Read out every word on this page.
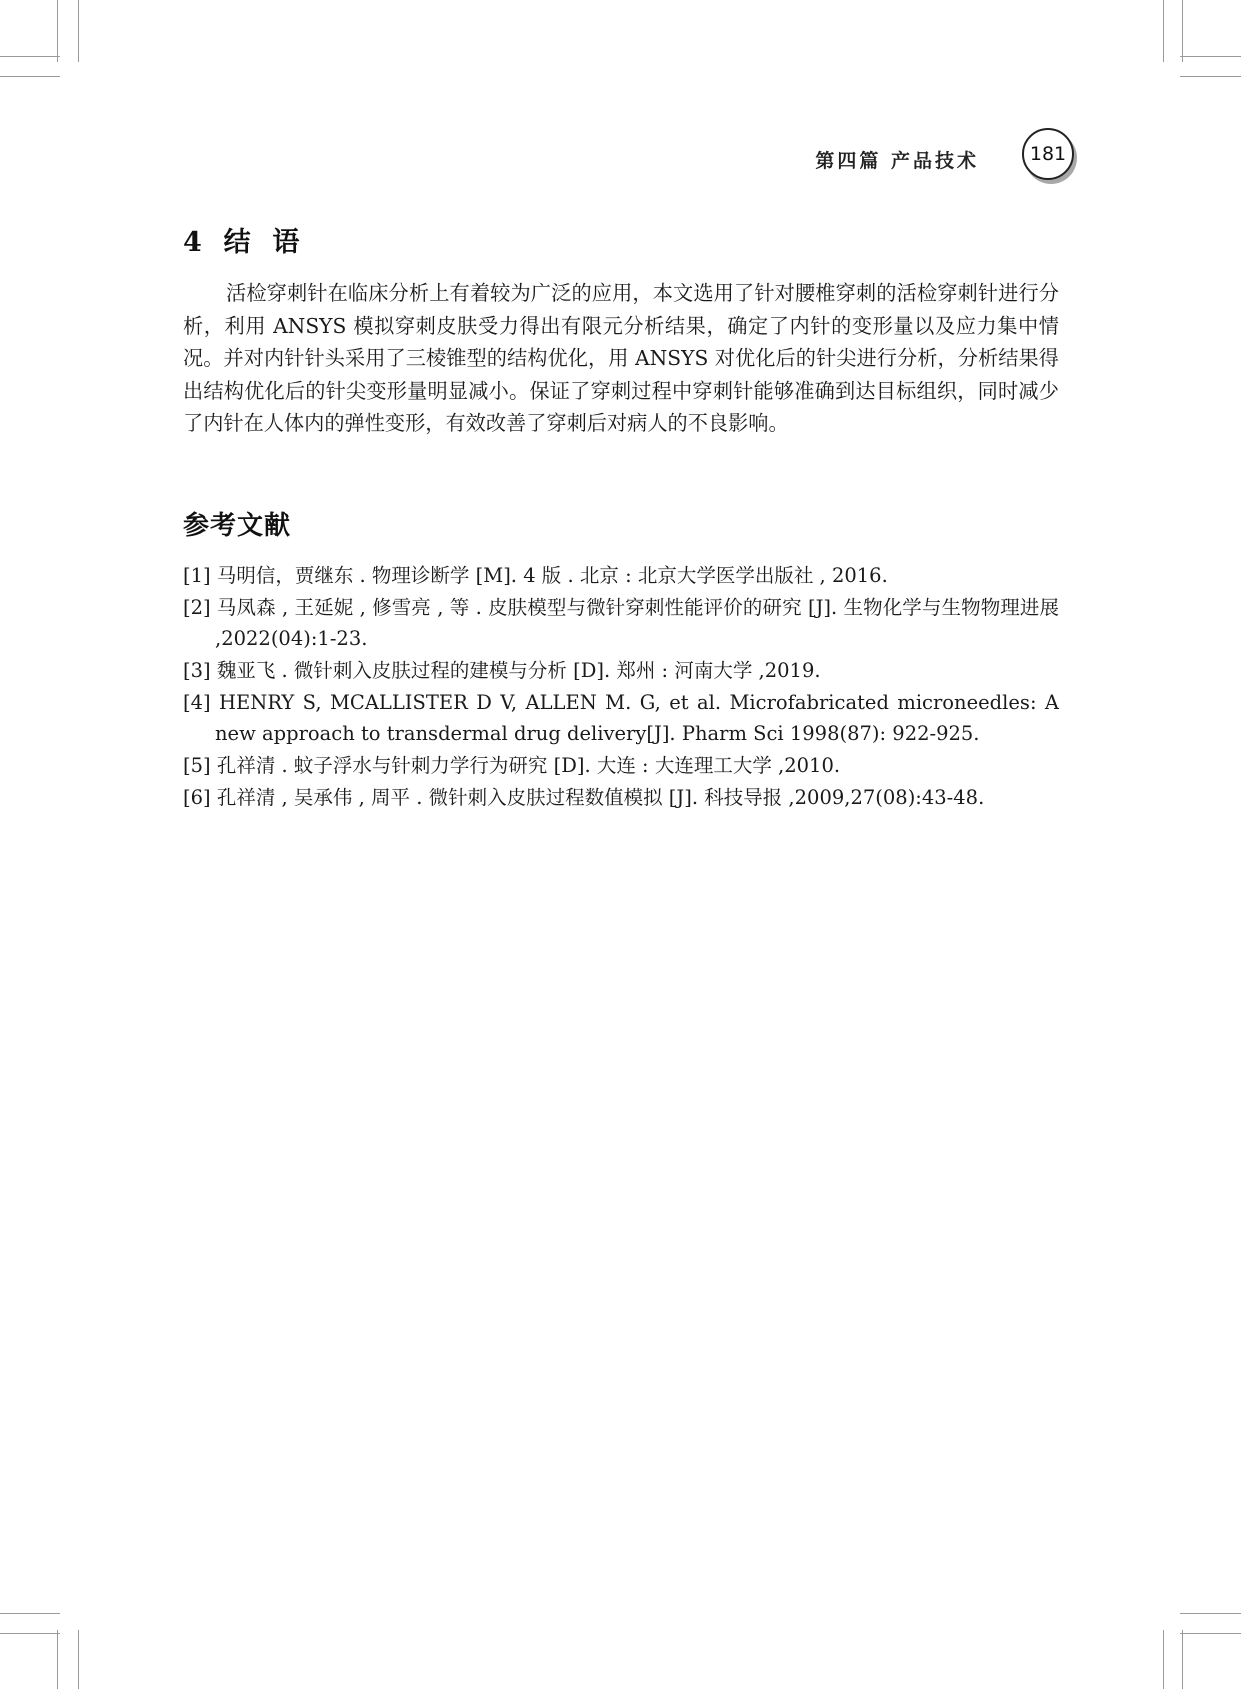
第四篇 产品技术	181
4  结  语

活检穿刺针在临床分析上有着较为广泛的应用，本文选用了针对腰椎穿刺的活检穿刺针进行分析，利用 ANSYS 模拟穿刺皮肤受力得出有限元分析结果，确定了内针的变形量以及应力集中情况。并对内针针头采用了三棱锥型的结构优化，用 ANSYS 对优化后的针尖进行分析，分析结果得出结构优化后的针尖变形量明显减小。保证了穿刺过程中穿刺针能够准确到达目标组织，同时减少了内针在人体内的弹性变形，有效改善了穿刺后对病人的不良影响。

参考文献
[1] 马明信，贾继东 . 物理诊断学 [M]. 4 版 . 北京 : 北京大学医学出版社 , 2016.
[2] 马凤森 , 王延妮 , 修雪亮 , 等 . 皮肤模型与微针穿刺性能评价的研究 [J]. 生物化学与生物物理进展 ,2022(04):1-23.
[3] 魏亚飞 . 微针刺入皮肤过程的建模与分析 [D]. 郑州 : 河南大学 ,2019.
[4] HENRY S, MCALLISTER D V, ALLEN M. G, et al. Microfabricated microneedles: A new approach to transdermal drug delivery[J]. Pharm Sci 1998(87): 922-925.
[5] 孔祥清 . 蚊子浮水与针刺力学行为研究 [D]. 大连 : 大连理工大学 ,2010.
[6] 孔祥清 , 吴承伟 , 周平 . 微针刺入皮肤过程数值模拟 [J]. 科技导报 ,2009,27(08):43-48.
